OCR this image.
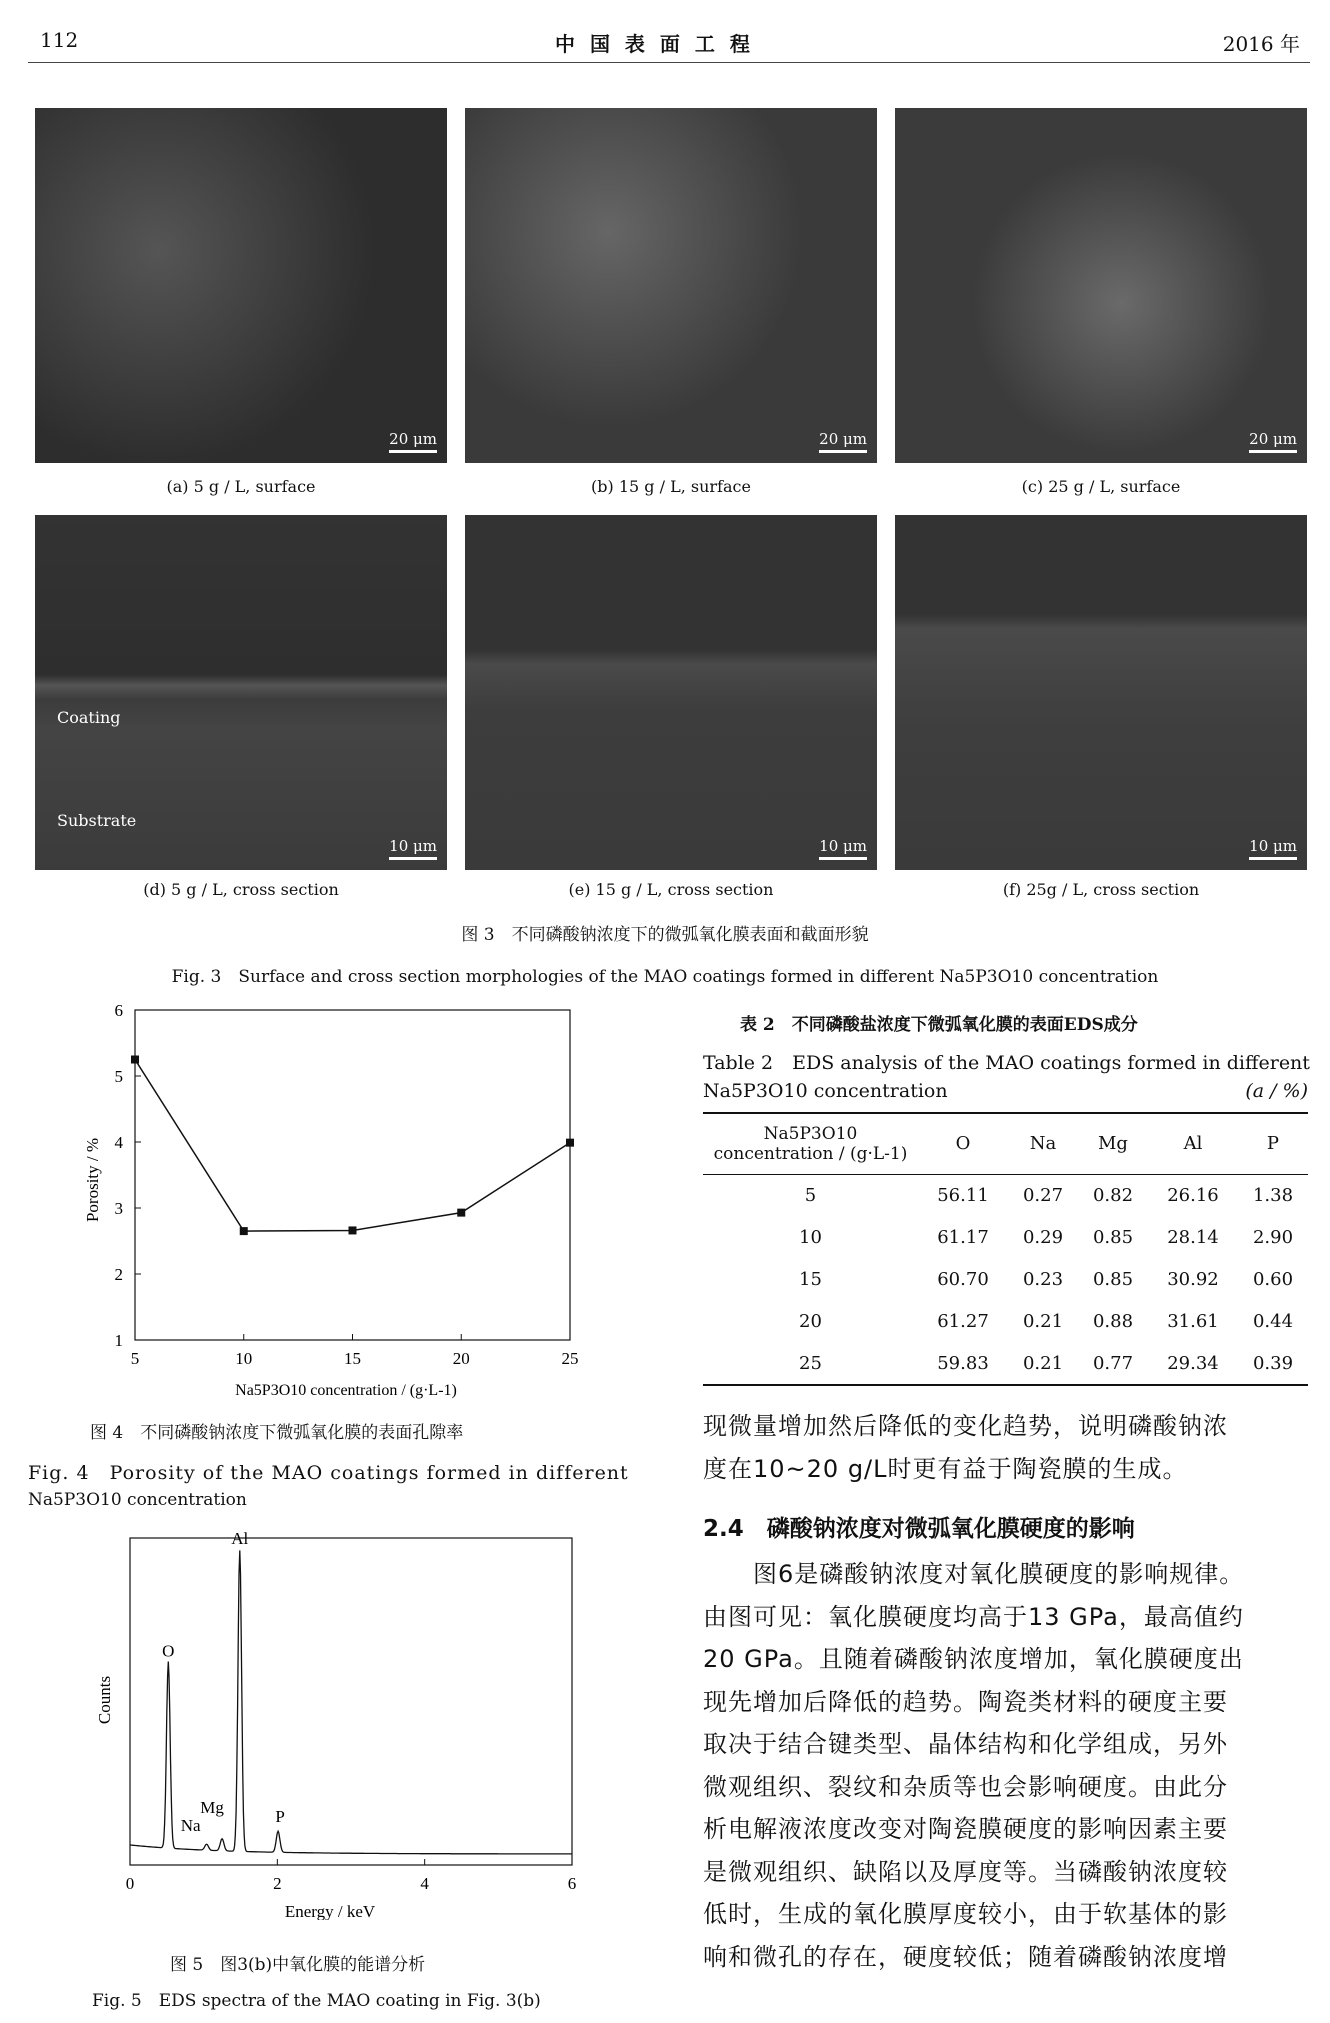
112	中 国 表 面 工 程	2016 年
20 μm	20 μm	20 μm
(a) 5 g / L, surface	(b) 15 g / L, surface	(c) 25 g / L, surface
Coating
Substrate
10 μm	10 μm	10 μm
(d) 5 g / L, cross section	(e) 15 g / L, cross section	(f) 25g / L, cross section
图 3　不同磷酸钠浓度下的微弧氧化膜表面和截面形貌
Fig. 3　Surface and cross section morphologies of the MAO coatings formed in different Na5P3O10 concentration
5	10	15	20	25
1
2
3
4
5
6
Porosity / %
Na5P3O10 concentration / (g·L-1)
图 4　不同磷酸钠浓度下微弧氧化膜的表面孔隙率
Fig. 4　Porosity of the MAO coatings formed in different
Na5P3O10 concentration
0	2	4	6
O
Na
Mg
Al
P
Counts
Energy / keV
图 5　图3(b)中氧化膜的能谱分析
Fig. 5　EDS spectra of the MAO coating in Fig. 3(b)
表 2　不同磷酸盐浓度下微弧氧化膜的表面EDS成分
Table 2　EDS analysis of the MAO coatings formed in different
Na5P3O10 concentration	(a / %)
Na5P3O10
concentration / (g·L-1)	O	Na	Mg	Al	P
5	56.11	0.27	0.82	26.16	1.38
10	61.17	0.29	0.85	28.14	2.90
15	60.70	0.23	0.85	30.92	0.60
20	61.27	0.21	0.88	31.61	0.44
25	59.83	0.21	0.77	29.34	0.39
现微量增加然后降低的变化趋势，说明磷酸钠浓
度在10~20 g/L时更有益于陶瓷膜的生成。
2.4　磷酸钠浓度对微弧氧化膜硬度的影响
　　图6是磷酸钠浓度对氧化膜硬度的影响规律。
由图可见：氧化膜硬度均高于13 GPa，最高值约
20 GPa。且随着磷酸钠浓度增加，氧化膜硬度出
现先增加后降低的趋势。陶瓷类材料的硬度主要
取决于结合键类型、晶体结构和化学组成，另外
微观组织、裂纹和杂质等也会影响硬度。由此分
析电解液浓度改变对陶瓷膜硬度的影响因素主要
是微观组织、缺陷以及厚度等。当磷酸钠浓度较
低时，生成的氧化膜厚度较小，由于软基体的影
响和微孔的存在，硬度较低；随着磷酸钠浓度增
